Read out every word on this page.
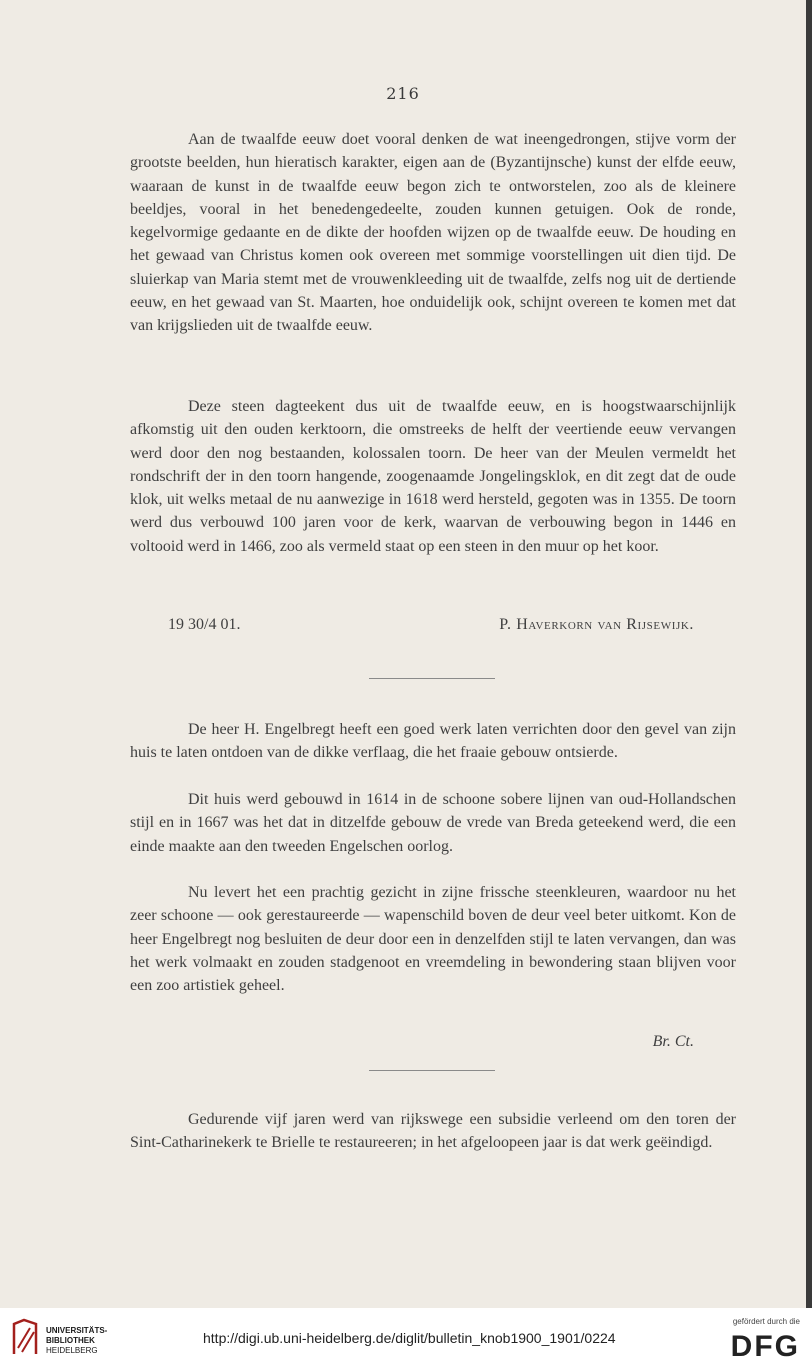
216

Aan de twaalfde eeuw doet vooral denken de wat ineengedrongen, stijve vorm der grootste beelden, hun hieratisch karakter, eigen aan de (Byzantijnsche) kunst der elfde eeuw, waaraan de kunst in de twaalfde eeuw begon zich te ontworstelen, zoo als de kleinere beeldjes, vooral in het benedengedeelte, zouden kunnen getuigen. Ook de ronde, kegelvormige gedaante en de dikte der hoofden wijzen op de twaalfde eeuw. De houding en het gewaad van Christus komen ook overeen met sommige voorstellingen uit dien tijd. De sluierkap van Maria stemt met de vrouwenkleeding uit de twaalfde, zelfs nog uit de dertiende eeuw, en het gewaad van St. Maarten, hoe onduidelijk ook, schijnt overeen te komen met dat van krijgslieden uit de twaalfde eeuw.

Deze steen dagteekent dus uit de twaalfde eeuw, en is hoogstwaarschijnlijk afkomstig uit den ouden kerktoorn, die omstreeks de helft der veertiende eeuw vervangen werd door den nog bestaanden, kolossalen toorn. De heer van der Meulen vermeldt het rondschrift der in den toorn hangende, zoogenaamde Jongelingsklok, en dit zegt dat de oude klok, uit welks metaal de nu aanwezige in 1618 werd hersteld, gegoten was in 1355. De toorn werd dus verbouwd 100 jaren voor de kerk, waarvan de verbouwing begon in 1446 en voltooid werd in 1466, zoo als vermeld staat op een steen in den muur op het koor.

19 30/4 01.	P. Haverkorn van Rijsewijk.

De heer H. Engelbregt heeft een goed werk laten verrichten door den gevel van zijn huis te laten ontdoen van de dikke verflaag, die het fraaie gebouw ontsierde.

Dit huis werd gebouwd in 1614 in de schoone sobere lijnen van oud-Hollandschen stijl en in 1667 was het dat in ditzelfde gebouw de vrede van Breda geteekend werd, die een einde maakte aan den tweeden Engelschen oorlog.

Nu levert het een prachtig gezicht in zijne frissche steenkleuren, waardoor nu het zeer schoone — ook gerestaureerde — wapenschild boven de deur veel beter uitkomt. Kon de heer Engelbregt nog besluiten de deur door een in denzelfden stijl te laten vervangen, dan was het werk volmaakt en zouden stadgenoot en vreemdeling in bewondering staan blijven voor een zoo artistiek geheel.

Br. Ct.

Gedurende vijf jaren werd van rijkswege een subsidie verleend om den toren der Sint-Catharinekerk te Brielle te restaureeren; in het afgeloopeen jaar is dat werk geëindigd.

UNIVERSITÄTS-
BIBLIOTHEK
HEIDELBERG
http://digi.ub.uni-heidelberg.de/diglit/bulletin_knob1900_1901/0224
gefördert durch die
DFG
